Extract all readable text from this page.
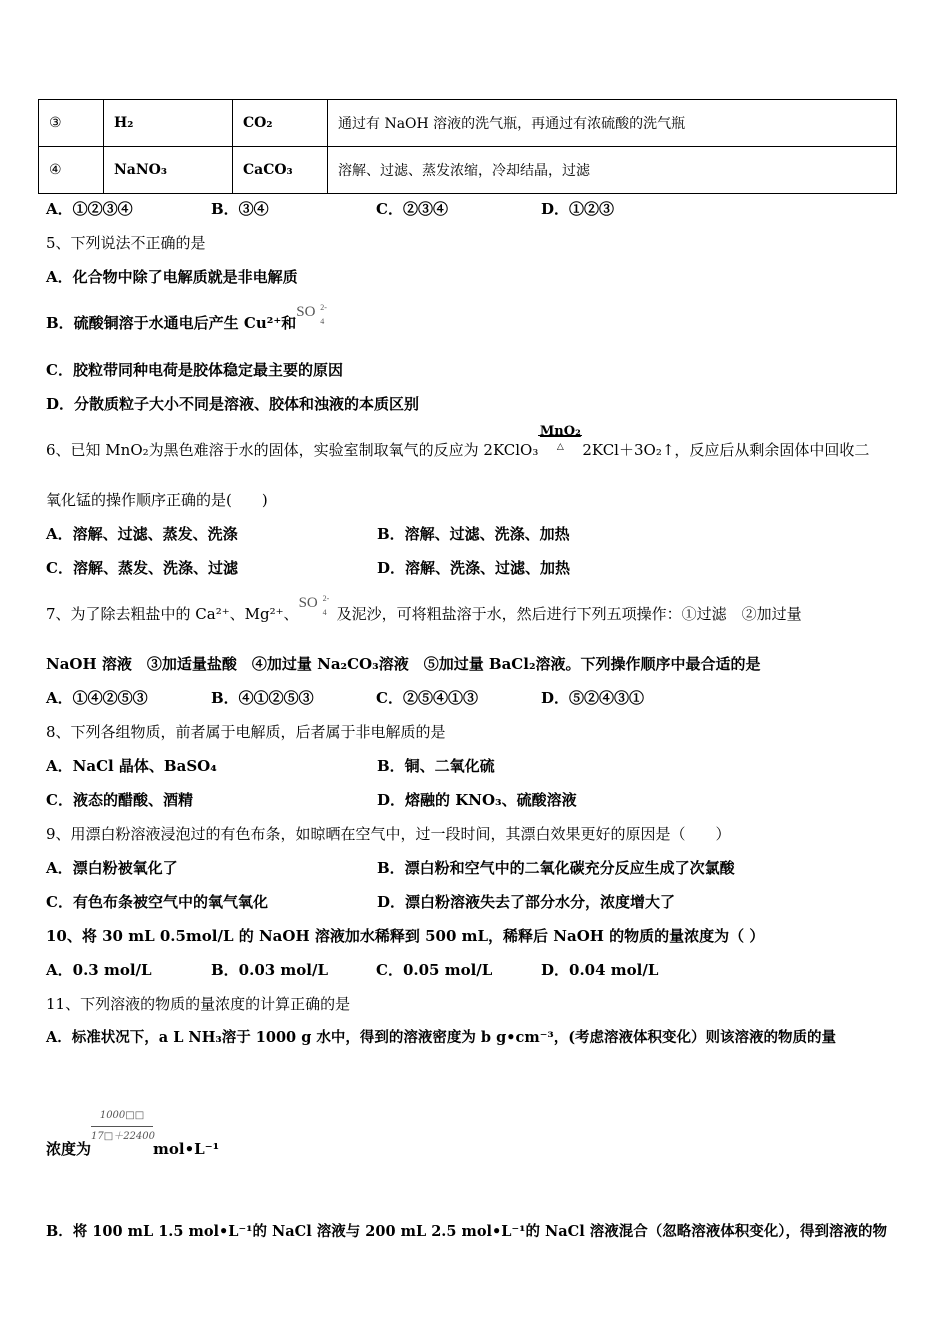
③	H₂	CO₂	通过有 NaOH 溶液的洗气瓶，再通过有浓硫酸的洗气瓶
④	NaNO₃	CaCO₃	溶解、过滤、蒸发浓缩，冷却结晶，过滤
A．①②③④	B．③④	C．②③④	D．①②③
5、下列说法不正确的是
A．化合物中除了电解质就是非电解质
B．硫酸铜溶于水通电后产生 Cu²⁺和SO 2-
4
C．胶粒带同种电荷是胶体稳定最主要的原因
D．分散质粒子大小不同是溶液、胶体和浊液的本质区别
6、已知 MnO₂为黑色难溶于水的固体，实验室制取氧气的反应为 2KClO₃
MnO₂
△	2KCl＋3O₂↑，反应后从剩余固体中回收二
氧化锰的操作顺序正确的是(　　)
A．溶解、过滤、蒸发、洗涤	B．溶解、过滤、洗涤、加热
C．溶解、蒸发、洗涤、过滤	D．溶解、洗涤、过滤、加热
7、为了除去粗盐中的 Ca²⁺、Mg²⁺、SO 2-
4 及泥沙，可将粗盐溶于水，然后进行下列五项操作：①过滤　②加过量
NaOH 溶液　③加适量盐酸　④加过量 Na₂CO₃溶液　⑤加过量 BaCl₂溶液。下列操作顺序中最合适的是
A．①④②⑤③	B．④①②⑤③	C．②⑤④①③	D．⑤②④③①
8、下列各组物质，前者属于电解质，后者属于非电解质的是
A．NaCl 晶体、BaSO₄	B．铜、二氧化硫
C．液态的醋酸、酒精	D．熔融的 KNO₃、硫酸溶液
9、用漂白粉溶液浸泡过的有色布条，如晾晒在空气中，过一段时间，其漂白效果更好的原因是（　　）
A．漂白粉被氧化了	B．漂白粉和空气中的二氧化碳充分反应生成了次氯酸
C．有色布条被空气中的氧气氧化	D．漂白粉溶液失去了部分水分，浓度增大了
10、将 30 mL 0.5mol/L 的 NaOH 溶液加水稀释到 500 mL，稀释后 NaOH 的物质的量浓度为（ ）
A．0.3 mol/L	B．0.03 mol/L	C．0.05 mol/L	D．0.04 mol/L
11、下列溶液的物质的量浓度的计算正确的是
A．标准状况下，a L NH₃溶于 1000 g 水中，得到的溶液密度为 b g•cm⁻³，(考虑溶液体积变化）则该溶液的物质的量
浓度为
$\frac{1000□□}{17□+22400}$
mol•L⁻¹
B．将 100 mL 1.5 mol•L⁻¹的 NaCl 溶液与 200 mL 2.5 mol•L⁻¹的 NaCl 溶液混合（忽略溶液体积变化），得到溶液的物
